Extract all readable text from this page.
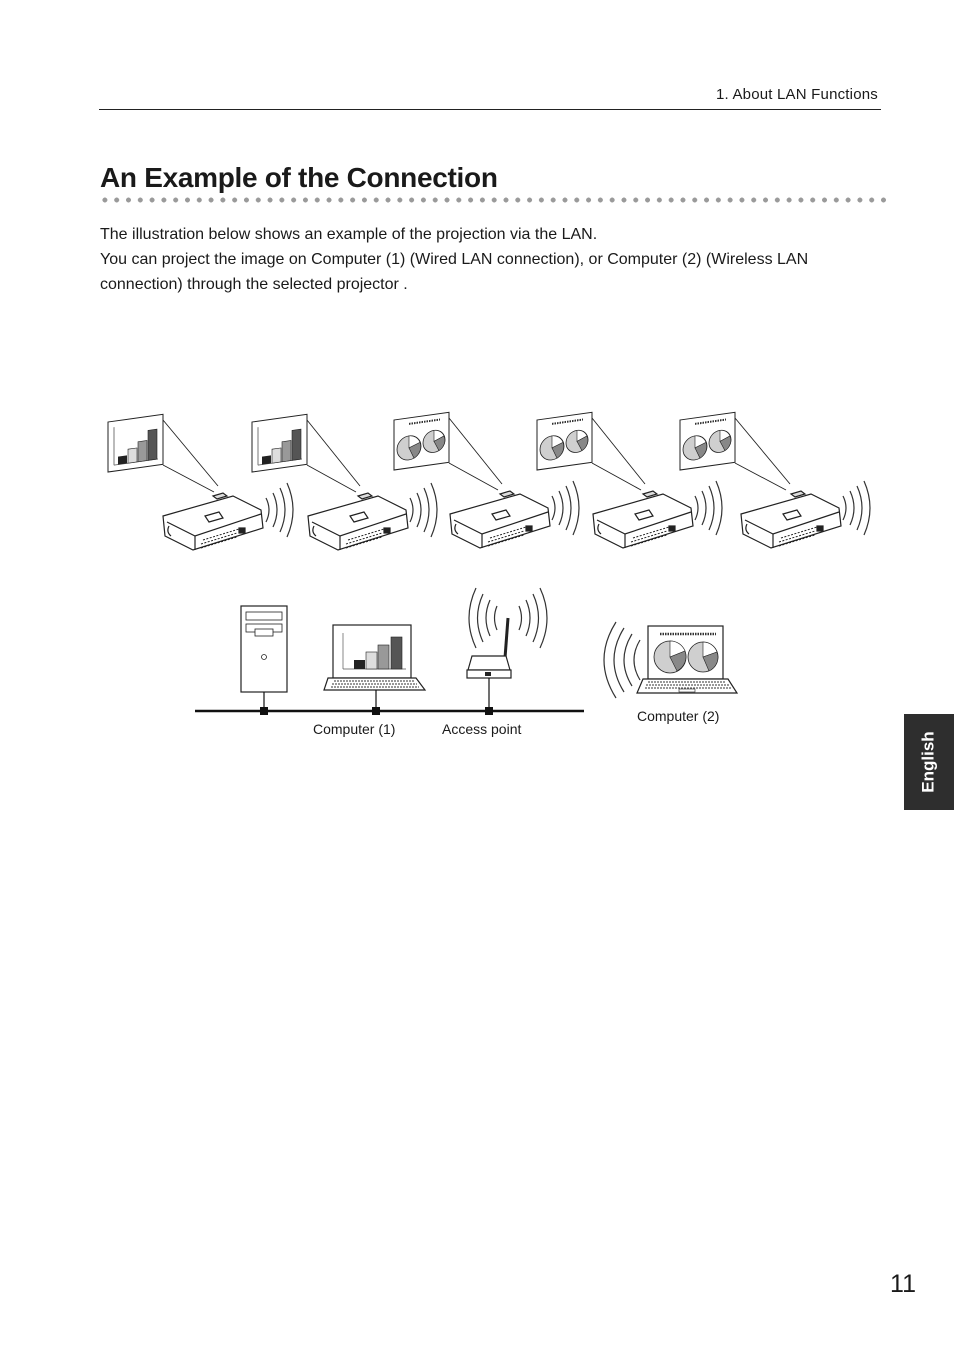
1. About LAN Functions
An Example of the Connection

The illustration below shows an example of the projection via the LAN.
You can project the image on Computer (1) (Wired LAN connection), or Computer (2) (Wireless LAN connection) through the selected projector .

Computer (1)	Access point
Computer (2)
English
11
